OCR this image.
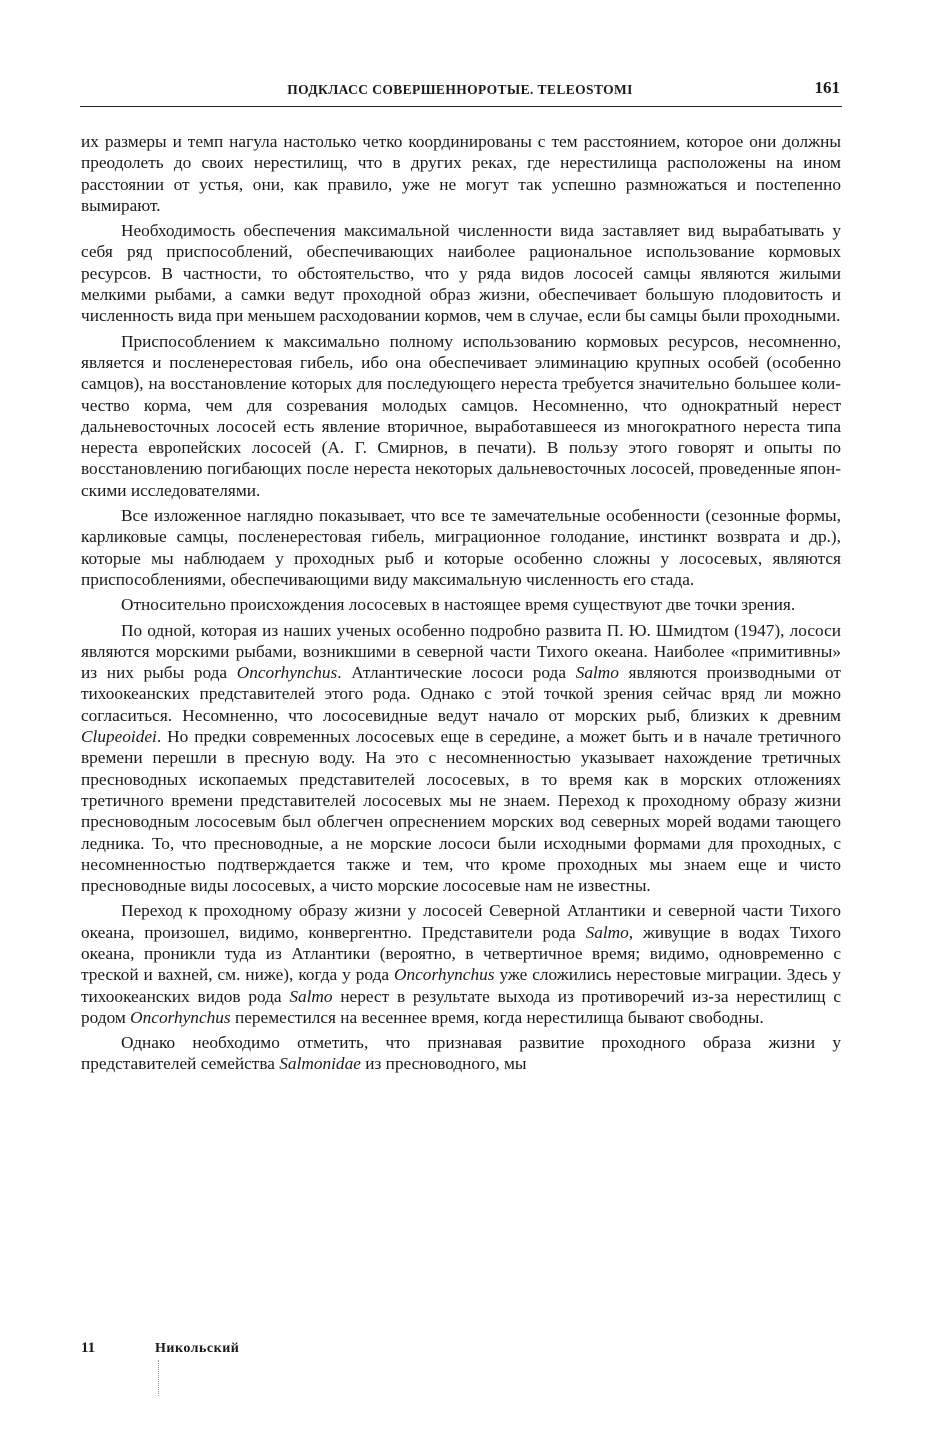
ПОДКЛАСС СОВЕРШЕННОРОТЫЕ. TELEOSTOMI	161

их размеры и темп нагула настолько четко координированы с тем расстоянием, которое они должны преодолеть до своих нерестилищ, что в других реках, где нерестилища расположены на ином расстоянии от устья, они, как правило, уже не могут так успешно размножаться и постепенно вымирают.

Необходимость обеспечения максимальной численности вида заставляет вид вырабатывать у себя ряд приспособлений, обеспечивающих наиболее рациональное использование кормовых ресурсов. В частности, то обстоятельство, что у ряда видов лососей самцы являются жилыми мелкими рыбами, а самки ведут проходной образ жизни, обеспечивает большую плодовитость и численность вида при меньшем расходовании кормов, чем в случае, если бы самцы были проходными.

Приспособлением к максимально полному использованию кормовых ресурсов, несомненно, является и посленерестовая гибель, ибо она обеспечивает элиминацию крупных особей (особенно самцов), на восстановление которых для последующего нереста требуется значительно большее количество корма, чем для созревания молодых самцов. Несомненно, что однократный нерест дальневосточных лососей есть явление вторичное, выработавшееся из многократного нереста типа нереста европейских лососей (А. Г. Смирнов, в печати). В пользу этого говорят и опыты по восстановлению погибающих после нереста некоторых дальневосточных лососей, проведенные японскими исследователями.

Все изложенное наглядно показывает, что все те замечательные особенности (сезонные формы, карликовые самцы, посленерестовая гибель, миграционное голодание, инстинкт возврата и др.), которые мы наблюдаем у проходных рыб и которые особенно сложны у лососевых, являются приспособлениями, обеспечивающими виду максимальную численность его стада.

Относительно происхождения лососевых в настоящее время существуют две точки зрения.

По одной, которая из наших ученых особенно подробно развита П. Ю. Шмидтом (1947), лососи являются морскими рыбами, возникшими в северной части Тихого океана. Наиболее «примитивны» из них рыбы рода Oncorhynchus. Атлантические лососи рода Salmo являются производными от тихоокеанских представителей этого рода. Однако с этой точкой зрения сейчас вряд ли можно согласиться. Несомненно, что лососевидные ведут начало от морских рыб, близких к древним Clupeoidei. Но предки современных лососевых еще в середине, а может быть и в начале третичного времени перешли в пресную воду. На это с несомненностью указывает нахождение третичных пресноводных ископаемых представителей лососевых, в то время как в морских отложениях третичного времени представителей лососевых мы не знаем. Переход к проходному образу жизни пресноводным лососевым был облегчен опреснением морских вод северных морей водами тающего ледника. То, что пресноводные, а не морские лососи были исходными формами для проходных, с несомненностью подтверждается также и тем, что кроме проходных мы знаем еще и чисто пресноводные виды лососевых, а чисто морские лососевые нам не известны.

Переход к проходному образу жизни у лососей Северной Атлантики и северной части Тихого океана, произошел, видимо, конвергентно. Представители рода Salmo, живущие в водах Тихого океана, проникли туда из Атлантики (вероятно, в четвертичное время; видимо, одновременно с треской и вахней, см. ниже), когда у рода Oncorhynchus уже сложились нерестовые миграции. Здесь у тихоокеанских видов рода Salmo нерест в результате выхода из противоречий из-за нерестилищ с родом Oncorhynchus переместился на весеннее время, когда нерестилища бывают свободны.

Однако необходимо отметить, что признавая развитие проходного образа жизни у представителей семейства Salmonidae из пресноводного, мы

11	Никольский
